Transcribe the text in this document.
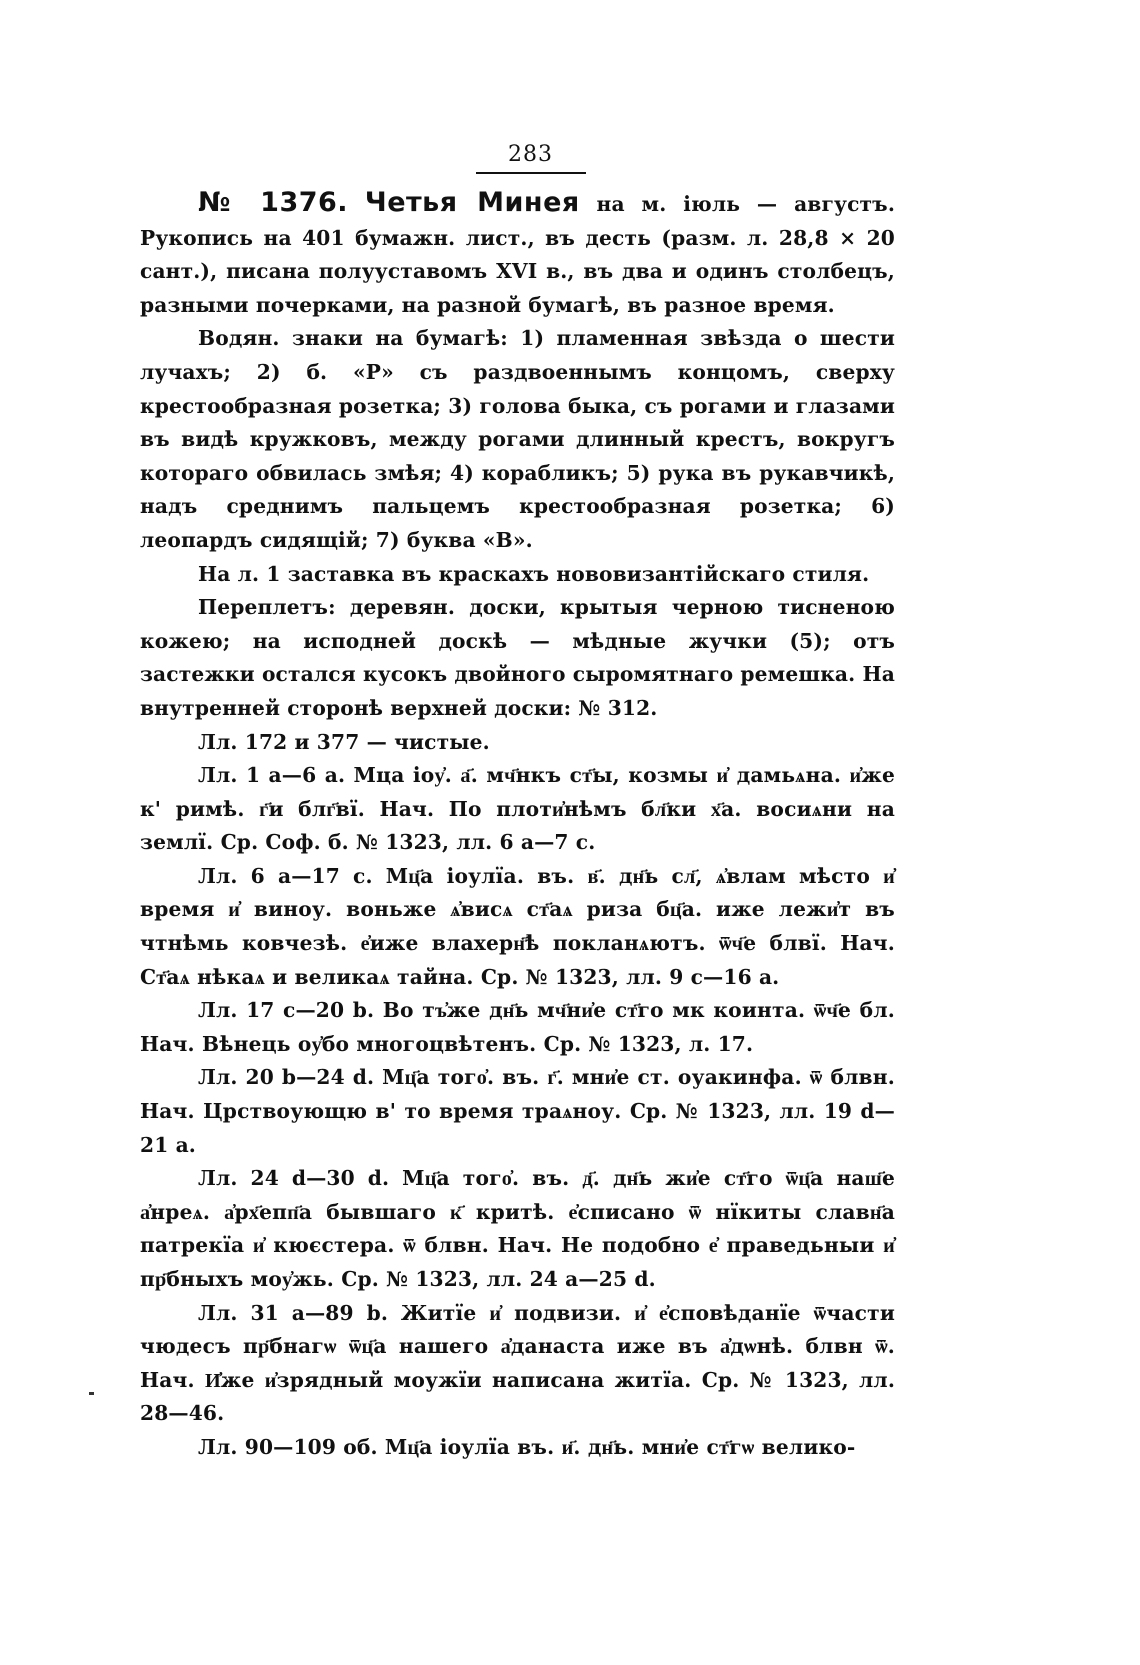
283

№ 1376. Четья Минея на м. іюль — августъ. Рукопись на 401 бумажн. лист., въ десть (разм. л. 28,8 × 20 сант.), писана полууставомъ XVI в., въ два и одинъ столбецъ, разными почерками, на разной бумагѣ, въ разное время.

Водян. знаки на бумагѣ: 1) пламенная звѣзда о шести лучахъ; 2) б. «Р» съ раздвоеннымъ концомъ, сверху крестообразная розетка; 3) голова быка, съ рогами и глазами въ видѣ кружковъ, между рогами длинный крестъ, вокругъ котораго обвилась змѣя; 4) корабликъ; 5) рука въ рукавчикѣ, надъ среднимъ пальцемъ крестообразная розетка; 6) леопардъ сидящій; 7) буква «В».

На л. 1 заставка въ краскахъ нововизантійскаго стиля.

Переплетъ: деревян. доски, крытыя черною тисненою кожею; на исподней доскѣ — мѣдные жучки (5); отъ застежки остался кусокъ двойного сыромятнаго ремешка. На внутренней сторонѣ верхней доски: № 312.

Лл. 172 и 377 — чистые.

Лл. 1 а—6 а. Мца іоу҆. а҃. мч҃нкъ ст҃ы, козмы и҆ дамьѧна. и҆же к' римѣ. г҃и блг҃вї. Нач. По плоти҆нѣмъ бл҃ки х҃а. восиѧни на землї. Ср. Соф. б. № 1323, лл. 6 а—7 с.

Лл. 6 а—17 с. Мц҃а іоулїа. въ. в҃. дн҃ь сл҃, ѧ҆влам мѣсто и҆ время и҆ виноу. воньже ѧ҆висѧ ст҃аѧ ризa бц҃а. иже лежи҆т въ чтнѣмь ковчезѣ. е҆иже влахерн҃ѣ покланѧютъ. ѿч҃е блвї. Нач. Ст҃аѧ нѣкаѧ и великаѧ тайна. Ср. № 1323, лл. 9 с—16 а.

Лл. 17 с—20 b. Во тъ҆же дн҃ь мч҃ни҆е ст҃го мк коинта. ѿч҃е бл. Нач. Вѣнець оу҆бо многоцвѣтенъ. Ср. № 1323, л. 17.

Лл. 20 b—24 d. Мц҃а того҆. въ. г҃. мни҆е ст. оуакинфа. ѿ блвн. Нач. Црствоующю в' то время траѧноу. Ср. № 1323, лл. 19 d—21 а.

Лл. 24 d—30 d. Мц҃а того҆. въ. д҃. дн҃ь жи҆е ст҃го ѿц҃а наш҃е а҆нреѧ. а҆рх҃епп҃а бывшаго к҃ критѣ. е҆списано ѿ нїкиты славн҃а патрекїа и҆ кюєстера. ѿ блвн. Нач. Не подобно е҆ праведьныи и҆ пр҃бныхъ моу҆жь. Ср. № 1323, лл. 24 а—25 d.

Лл. 31 а—89 b. Житїе и҆ подвизи. и҆ е҆сповѣданїе ѿчасти чюдесъ пр҃бнагѡ ѿц҃а нашего а҆данаста иже въ а҆дѡнѣ. блвн ѿ. Нач. И҆же и҆зрядный моужїи написана житїа. Ср. № 1323, лл. 28—46.

Лл. 90—109 об. Мц҃а іоулїа въ. и҃. дн҃ь. мни҆е ст҃гѡ велико-
